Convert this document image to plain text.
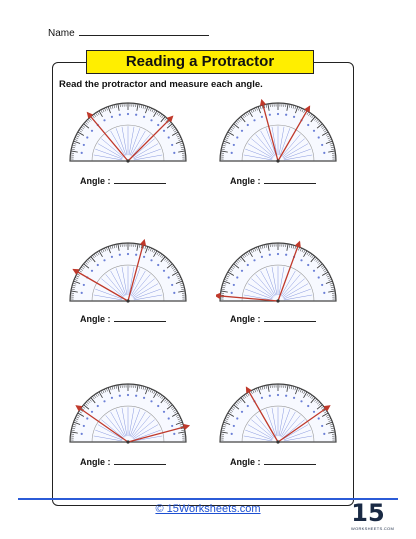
Name
Reading a Protractor
Read the protractor and measure each angle.
Angle :	Angle :
Angle :	Angle :
Angle :	Angle :
© 15Worksheets.com	15
WORKSHEETS.COM
